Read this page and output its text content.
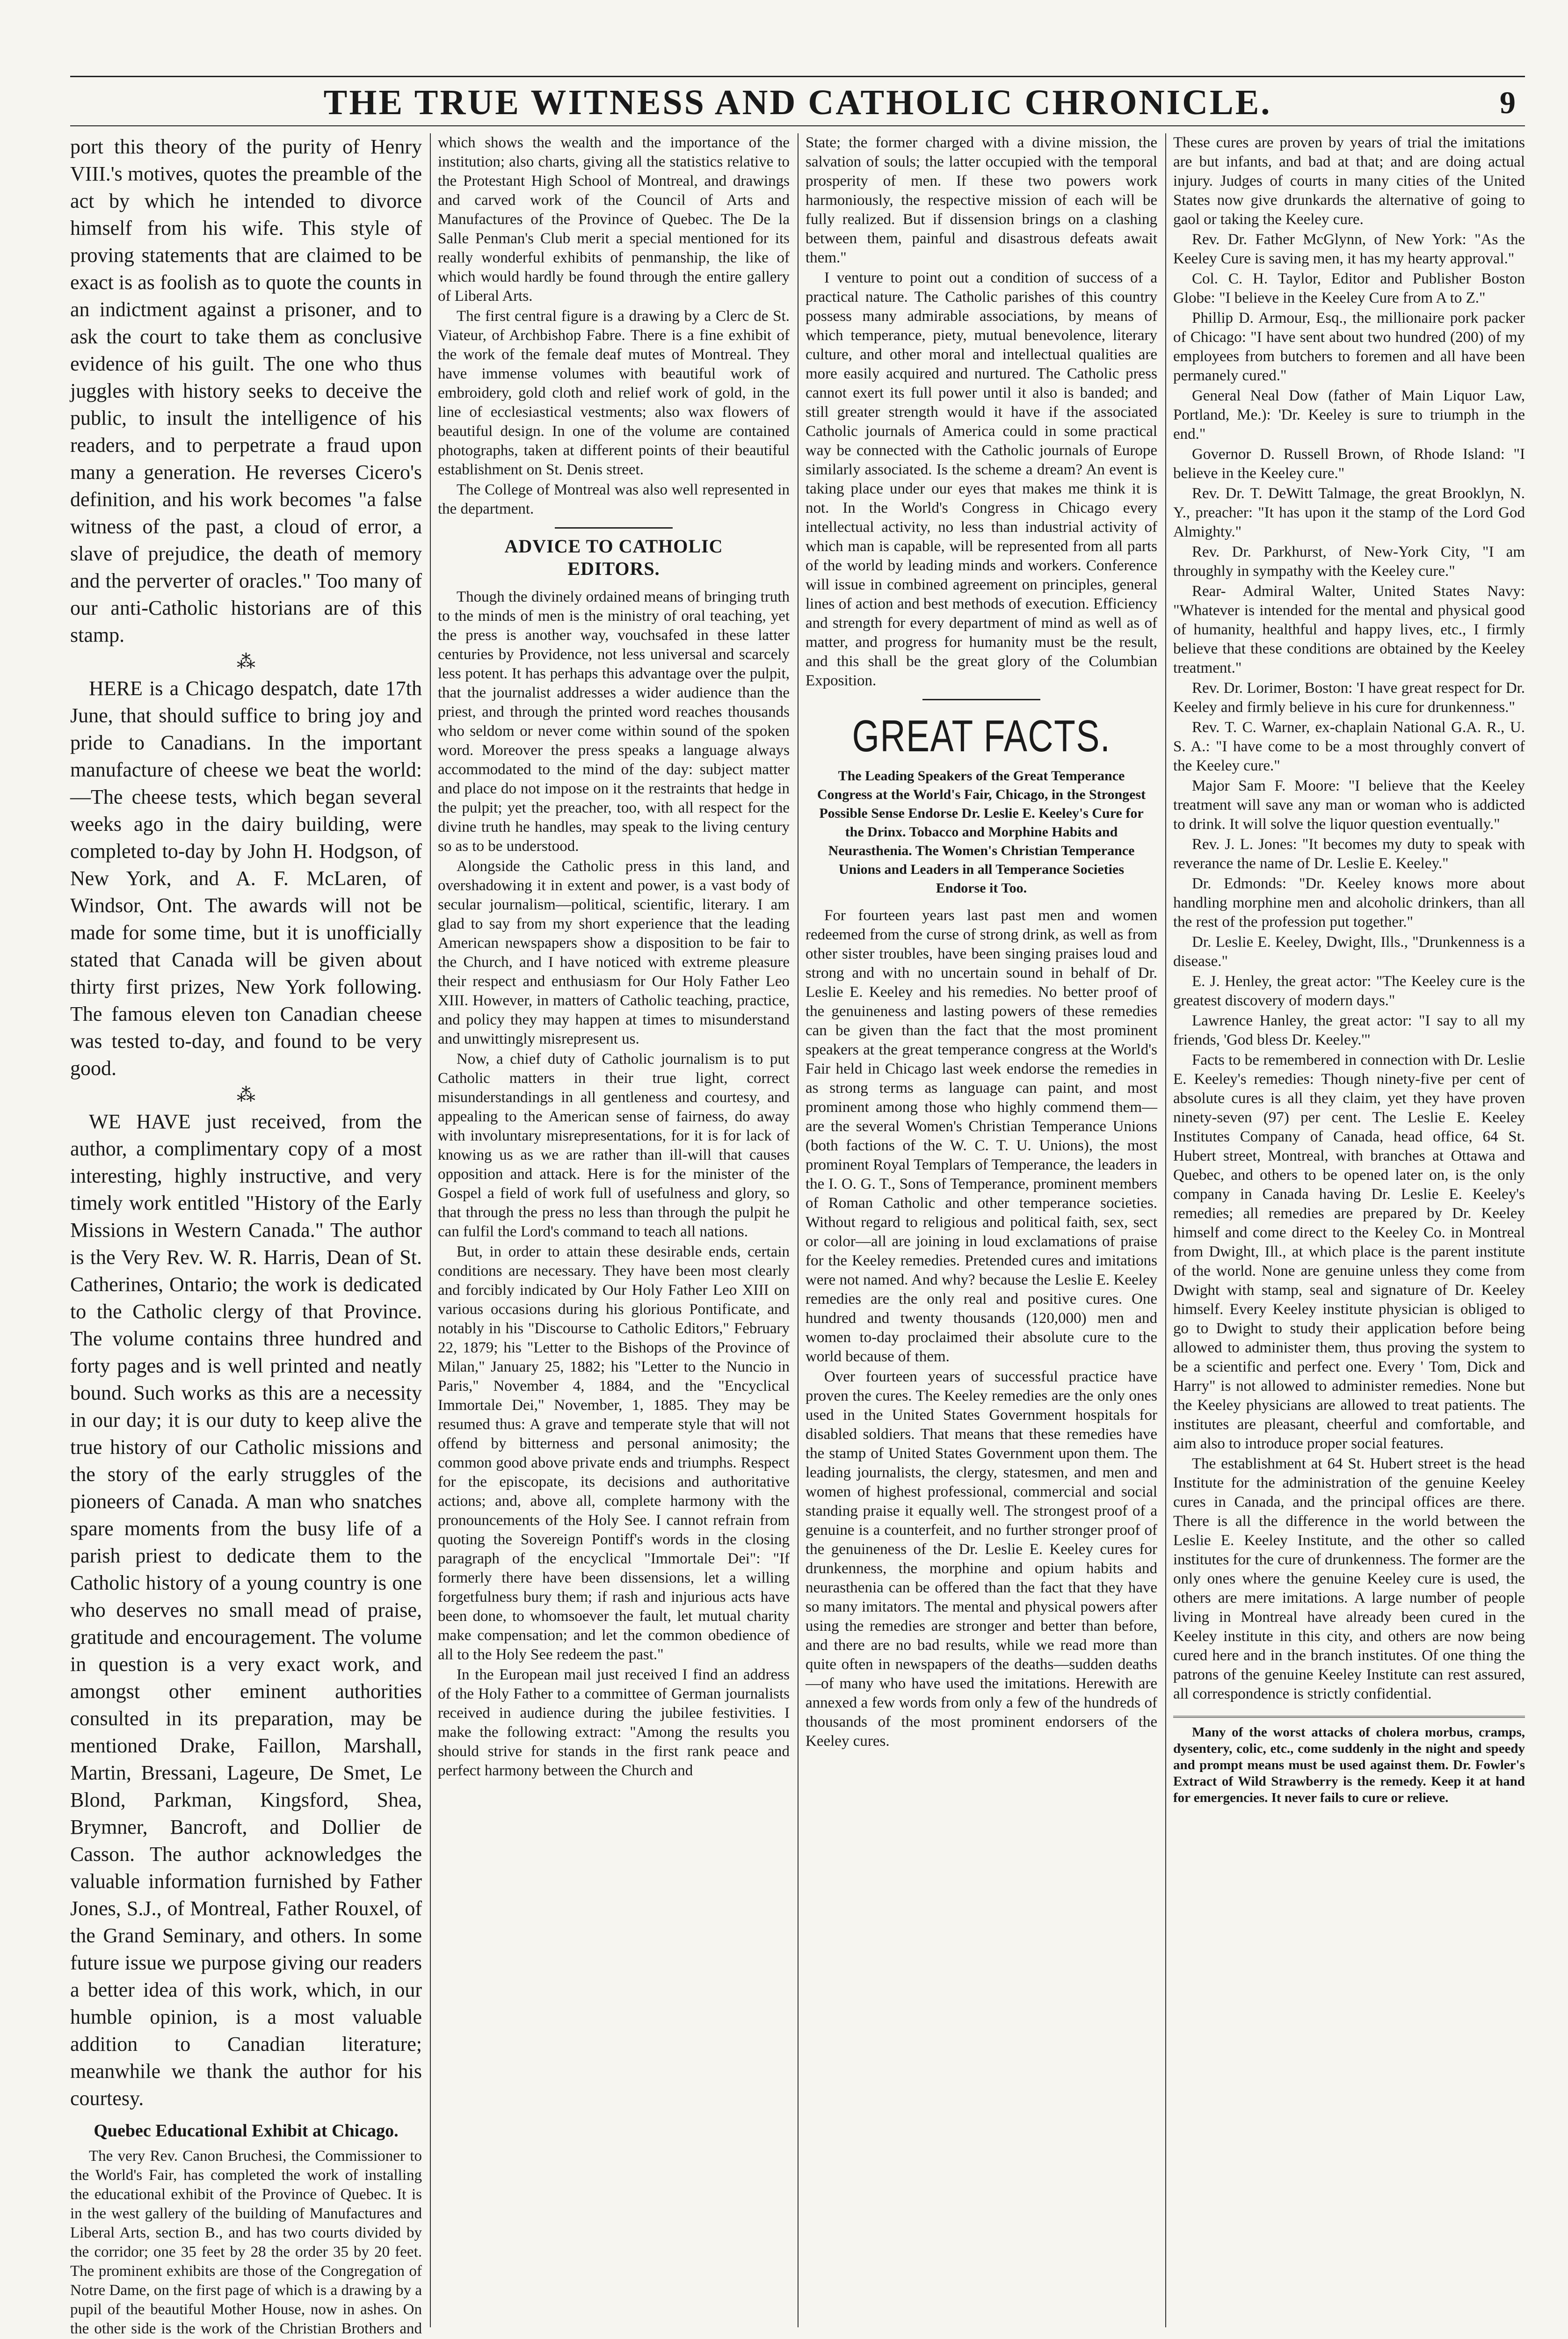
THE TRUE WITNESS AND CATHOLIC CHRONICLE.	9

port this theory of the purity of Henry VIII.'s motives, quotes the preamble of the act by which he intended to divorce himself from his wife. This style of proving statements that are claimed to be exact is as foolish as to quote the counts in an indictment against a prisoner, and to ask the court to take them as conclusive evidence of his guilt. The one who thus juggles with history seeks to deceive the public, to insult the intelligence of his readers, and to perpetrate a fraud upon many a generation. He reverses Cicero's definition, and his work becomes "a false witness of the past, a cloud of error, a slave of prejudice, the death of memory and the perverter of oracles." Too many of our anti-Catholic historians are of this stamp.

⁂

HERE is a Chicago despatch, date 17th June, that should suffice to bring joy and pride to Canadians. In the important manufacture of cheese we beat the world:—The cheese tests, which began several weeks ago in the dairy building, were completed to-day by John H. Hodgson, of New York, and A. F. McLaren, of Windsor, Ont. The awards will not be made for some time, but it is unofficially stated that Canada will be given about thirty first prizes, New York following. The famous eleven ton Canadian cheese was tested to-day, and found to be very good.

⁂

WE HAVE just received, from the author, a complimentary copy of a most interesting, highly instructive, and very timely work entitled "History of the Early Missions in Western Canada." The author is the Very Rev. W. R. Harris, Dean of St. Catherines, Ontario; the work is dedicated to the Catholic clergy of that Province. The volume contains three hundred and forty pages and is well printed and neatly bound. Such works as this are a necessity in our day; it is our duty to keep alive the true history of our Catholic missions and the story of the early struggles of the pioneers of Canada. A man who snatches spare moments from the busy life of a parish priest to dedicate them to the Catholic history of a young country is one who deserves no small mead of praise, gratitude and encouragement. The volume in question is a very exact work, and amongst other eminent authorities consulted in its preparation, may be mentioned Drake, Faillon, Marshall, Martin, Bressani, Lageure, De Smet, Le Blond, Parkman, Kingsford, Shea, Brymner, Bancroft, and Dollier de Casson. The author acknowledges the valuable information furnished by Father Jones, S.J., of Montreal, Father Rouxel, of the Grand Seminary, and others. In some future issue we purpose giving our readers a better idea of this work, which, in our humble opinion, is a most valuable addition to Canadian literature; meanwhile we thank the author for his courtesy.

Quebec Educational Exhibit at Chicago.

The very Rev. Canon Bruchesi, the Commissioner to the World's Fair, has completed the work of installing the educational exhibit of the Province of Quebec. It is in the west gallery of the building of Manufactures and Liberal Arts, section B., and has two courts divided by the corridor; one 35 feet by 28 the order 35 by 20 feet. The prominent exhibits are those of the Congregation of Notre Dame, on the first page of which is a drawing by a pupil of the beautiful Mother House, now in ashes. On the other side is the work of the Christian Brothers and

which shows the wealth and the importance of the institution; also charts, giving all the statistics relative to the Protestant High School of Montreal, and drawings and carved work of the Council of Arts and Manufactures of the Province of Quebec. The De la Salle Penman's Club merit a special mentioned for its really wonderful exhibits of penmanship, the like of which would hardly be found through the entire gallery of Liberal Arts.

The first central figure is a drawing by a Clerc de St. Viateur, of Archbishop Fabre. There is a fine exhibit of the work of the female deaf mutes of Montreal. They have immense volumes with beautiful work of embroidery, gold cloth and relief work of gold, in the line of ecclesiastical vestments; also wax flowers of beautiful design. In one of the volume are contained photographs, taken at different points of their beautiful establishment on St. Denis street.

The College of Montreal was also well represented in the department.

ADVICE TO CATHOLIC EDITORS.

Though the divinely ordained means of bringing truth to the minds of men is the ministry of oral teaching, yet the press is another way, vouchsafed in these latter centuries by Providence, not less universal and scarcely less potent. It has perhaps this advantage over the pulpit, that the journalist addresses a wider audience than the priest, and through the printed word reaches thousands who seldom or never come within sound of the spoken word. Moreover the press speaks a language always accommodated to the mind of the day: subject matter and place do not impose on it the restraints that hedge in the pulpit; yet the preacher, too, with all respect for the divine truth he handles, may speak to the living century so as to be understood.

Alongside the Catholic press in this land, and overshadowing it in extent and power, is a vast body of secular journalism—political, scientific, literary. I am glad to say from my short experience that the leading American newspapers show a disposition to be fair to the Church, and I have noticed with extreme pleasure their respect and enthusiasm for Our Holy Father Leo XIII. However, in matters of Catholic teaching, practice, and policy they may happen at times to misunderstand and unwittingly misrepresent us.

Now, a chief duty of Catholic journalism is to put Catholic matters in their true light, correct misunderstandings in all gentleness and courtesy, and appealing to the American sense of fairness, do away with involuntary misrepresentations, for it is for lack of knowing us as we are rather than ill-will that causes opposition and attack. Here is for the minister of the Gospel a field of work full of usefulness and glory, so that through the press no less than through the pulpit he can fulfil the Lord's command to teach all nations.

But, in order to attain these desirable ends, certain conditions are necessary. They have been most clearly and forcibly indicated by Our Holy Father Leo XIII on various occasions during his glorious Pontificate, and notably in his "Discourse to Catholic Editors," February 22, 1879; his "Letter to the Bishops of the Province of Milan," January 25, 1882; his "Letter to the Nuncio in Paris," November 4, 1884, and the "Encyclical Immortale Dei," November, 1, 1885. They may be resumed thus: A grave and temperate style that will not offend by bitterness and personal animosity; the common good above private ends and triumphs. Respect for the episcopate, its decisions and authoritative actions; and, above all, complete harmony with the pronouncements of the Holy See. I cannot refrain from quoting the Sovereign Pontiff's words in the closing paragraph of the encyclical "Immortale Dei": "If formerly there have been dissensions, let a willing forgetfulness bury them; if rash and injurious acts have been done, to whomsoever the fault, let mutual charity make compensation; and let the common obedience of all to the Holy See redeem the past."

In the European mail just received I find an address of the Holy Father to a committee of German journalists received in audience during the jubilee festivities. I make the following extract: "Among the results you should strive for stands in the first rank peace and perfect harmony between the Church and

State; the former charged with a divine mission, the salvation of souls; the latter occupied with the temporal prosperity of men. If these two powers work harmoniously, the respective mission of each will be fully realized. But if dissension brings on a clashing between them, painful and disastrous defeats await them."

I venture to point out a condition of success of a practical nature. The Catholic parishes of this country possess many admirable associations, by means of which temperance, piety, mutual benevolence, literary culture, and other moral and intellectual qualities are more easily acquired and nurtured. The Catholic press cannot exert its full power until it also is banded; and still greater strength would it have if the associated Catholic journals of America could in some practical way be connected with the Catholic journals of Europe similarly associated. Is the scheme a dream? An event is taking place under our eyes that makes me think it is not. In the World's Congress in Chicago every intellectual activity, no less than industrial activity of which man is capable, will be represented from all parts of the world by leading minds and workers. Conference will issue in combined agreement on principles, general lines of action and best methods of execution. Efficiency and strength for every department of mind as well as of matter, and progress for humanity must be the result, and this shall be the great glory of the Columbian Exposition.

GREAT FACTS.
The Leading Speakers of the Great Temperance Congress at the World's Fair, Chicago, in the Strongest Possible Sense Endorse Dr. Leslie E. Keeley's Cure for the Drinx. Tobacco and Morphine Habits and Neurasthenia. The Women's Christian Temperance Unions and Leaders in all Temperance Societies Endorse it Too.

For fourteen years last past men and women redeemed from the curse of strong drink, as well as from other sister troubles, have been singing praises loud and strong and with no uncertain sound in behalf of Dr. Leslie E. Keeley and his remedies. No better proof of the genuineness and lasting powers of these remedies can be given than the fact that the most prominent speakers at the great temperance congress at the World's Fair held in Chicago last week endorse the remedies in as strong terms as language can paint, and most prominent among those who highly commend them—are the several Women's Christian Temperance Unions (both factions of the W. C. T. U. Unions), the most prominent Royal Templars of Temperance, the leaders in the I. O. G. T., Sons of Temperance, prominent members of Roman Catholic and other temperance societies. Without regard to religious and political faith, sex, sect or color—all are joining in loud exclamations of praise for the Keeley remedies. Pretended cures and imitations were not named. And why? because the Leslie E. Keeley remedies are the only real and positive cures. One hundred and twenty thousands (120,000) men and women to-day proclaimed their absolute cure to the world because of them.

Over fourteen years of successful practice have proven the cures. The Keeley remedies are the only ones used in the United States Government hospitals for disabled soldiers. That means that these remedies have the stamp of United States Government upon them. The leading journalists, the clergy, statesmen, and men and women of highest professional, commercial and social standing praise it equally well. The strongest proof of a genuine is a counterfeit, and no further stronger proof of the genuineness of the Dr. Leslie E. Keeley cures for drunkenness, the morphine and opium habits and neurasthenia can be offered than the fact that they have so many imitators. The mental and physical powers after using the remedies are stronger and better than before, and there are no bad results, while we read more than quite often in newspapers of the deaths—sudden deaths—of many who have used the imitations. Herewith are annexed a few words from only a few of the hundreds of thousands of the most prominent endorsers of the Keeley cures.

These cures are proven by years of trial the imitations are but infants, and bad at that; and are doing actual injury. Judges of courts in many cities of the United States now give drunkards the alternative of going to gaol or taking the Keeley cure.

Rev. Dr. Father McGlynn, of New York: "As the Keeley Cure is saving men, it has my hearty approval."

Col. C. H. Taylor, Editor and Publisher Boston Globe: "I believe in the Keeley Cure from A to Z."

Phillip D. Armour, Esq., the millionaire pork packer of Chicago: "I have sent about two hundred (200) of my employees from butchers to foremen and all have been permanely cured."

General Neal Dow (father of Main Liquor Law, Portland, Me.): 'Dr. Keeley is sure to triumph in the end."

Governor D. Russell Brown, of Rhode Island: "I believe in the Keeley cure."

Rev. Dr. T. DeWitt Talmage, the great Brooklyn, N. Y., preacher: "It has upon it the stamp of the Lord God Almighty."

Rev. Dr. Parkhurst, of New-York City, "I am throughly in sympathy with the Keeley cure."

Rear- Admiral Walter, United States Navy: "Whatever is intended for the mental and physical good of humanity, healthful and happy lives, etc., I firmly believe that these conditions are obtained by the Keeley treatment."

Rev. Dr. Lorimer, Boston: 'I have great respect for Dr. Keeley and firmly believe in his cure for drunkenness."

Rev. T. C. Warner, ex-chaplain National G.A. R., U. S. A.: "I have come to be a most throughly convert of the Keeley cure."

Major Sam F. Moore: "I believe that the Keeley treatment will save any man or woman who is addicted to drink. It will solve the liquor question eventually."

Rev. J. L. Jones: "It becomes my duty to speak with reverance the name of Dr. Leslie E. Keeley."

Dr. Edmonds: "Dr. Keeley knows more about handling morphine men and alcoholic drinkers, than all the rest of the profession put together."

Dr. Leslie E. Keeley, Dwight, Ills., "Drunkenness is a disease."

E. J. Henley, the great actor: "The Keeley cure is the greatest discovery of modern days."

Lawrence Hanley, the great actor: "I say to all my friends, 'God bless Dr. Keeley.'"

Facts to be remembered in connection with Dr. Leslie E. Keeley's remedies: Though ninety-five per cent of absolute cures is all they claim, yet they have proven ninety-seven (97) per cent. The Leslie E. Keeley Institutes Company of Canada, head office, 64 St. Hubert street, Montreal, with branches at Ottawa and Quebec, and others to be opened later on, is the only company in Canada having Dr. Leslie E. Keeley's remedies; all remedies are prepared by Dr. Keeley himself and come direct to the Keeley Co. in Montreal from Dwight, Ill., at which place is the parent institute of the world. None are genuine unless they come from Dwight with stamp, seal and signature of Dr. Keeley himself. Every Keeley institute physician is obliged to go to Dwight to study their application before being allowed to administer them, thus proving the system to be a scientific and perfect one. Every ' Tom, Dick and Harry" is not allowed to administer remedies. None but the Keeley physicians are allowed to treat patients. The institutes are pleasant, cheerful and comfortable, and aim also to introduce proper social features.

The establishment at 64 St. Hubert street is the head Institute for the administration of the genuine Keeley cures in Canada, and the principal offices are there. There is all the difference in the world between the Leslie E. Keeley Institute, and the other so called institutes for the cure of drunkenness. The former are the only ones where the genuine Keeley cure is used, the others are mere imitations. A large number of people living in Montreal have already been cured in the Keeley institute in this city, and others are now being cured here and in the branch institutes. Of one thing the patrons of the genuine Keeley Institute can rest assured, all correspondence is strictly confidential.

Many of the worst attacks of cholera morbus, cramps, dysentery, colic, etc., come suddenly in the night and speedy and prompt means must be used against them. Dr. Fowler's Extract of Wild Strawberry is the remedy. Keep it at hand for emergencies. It never fails to cure or relieve.
